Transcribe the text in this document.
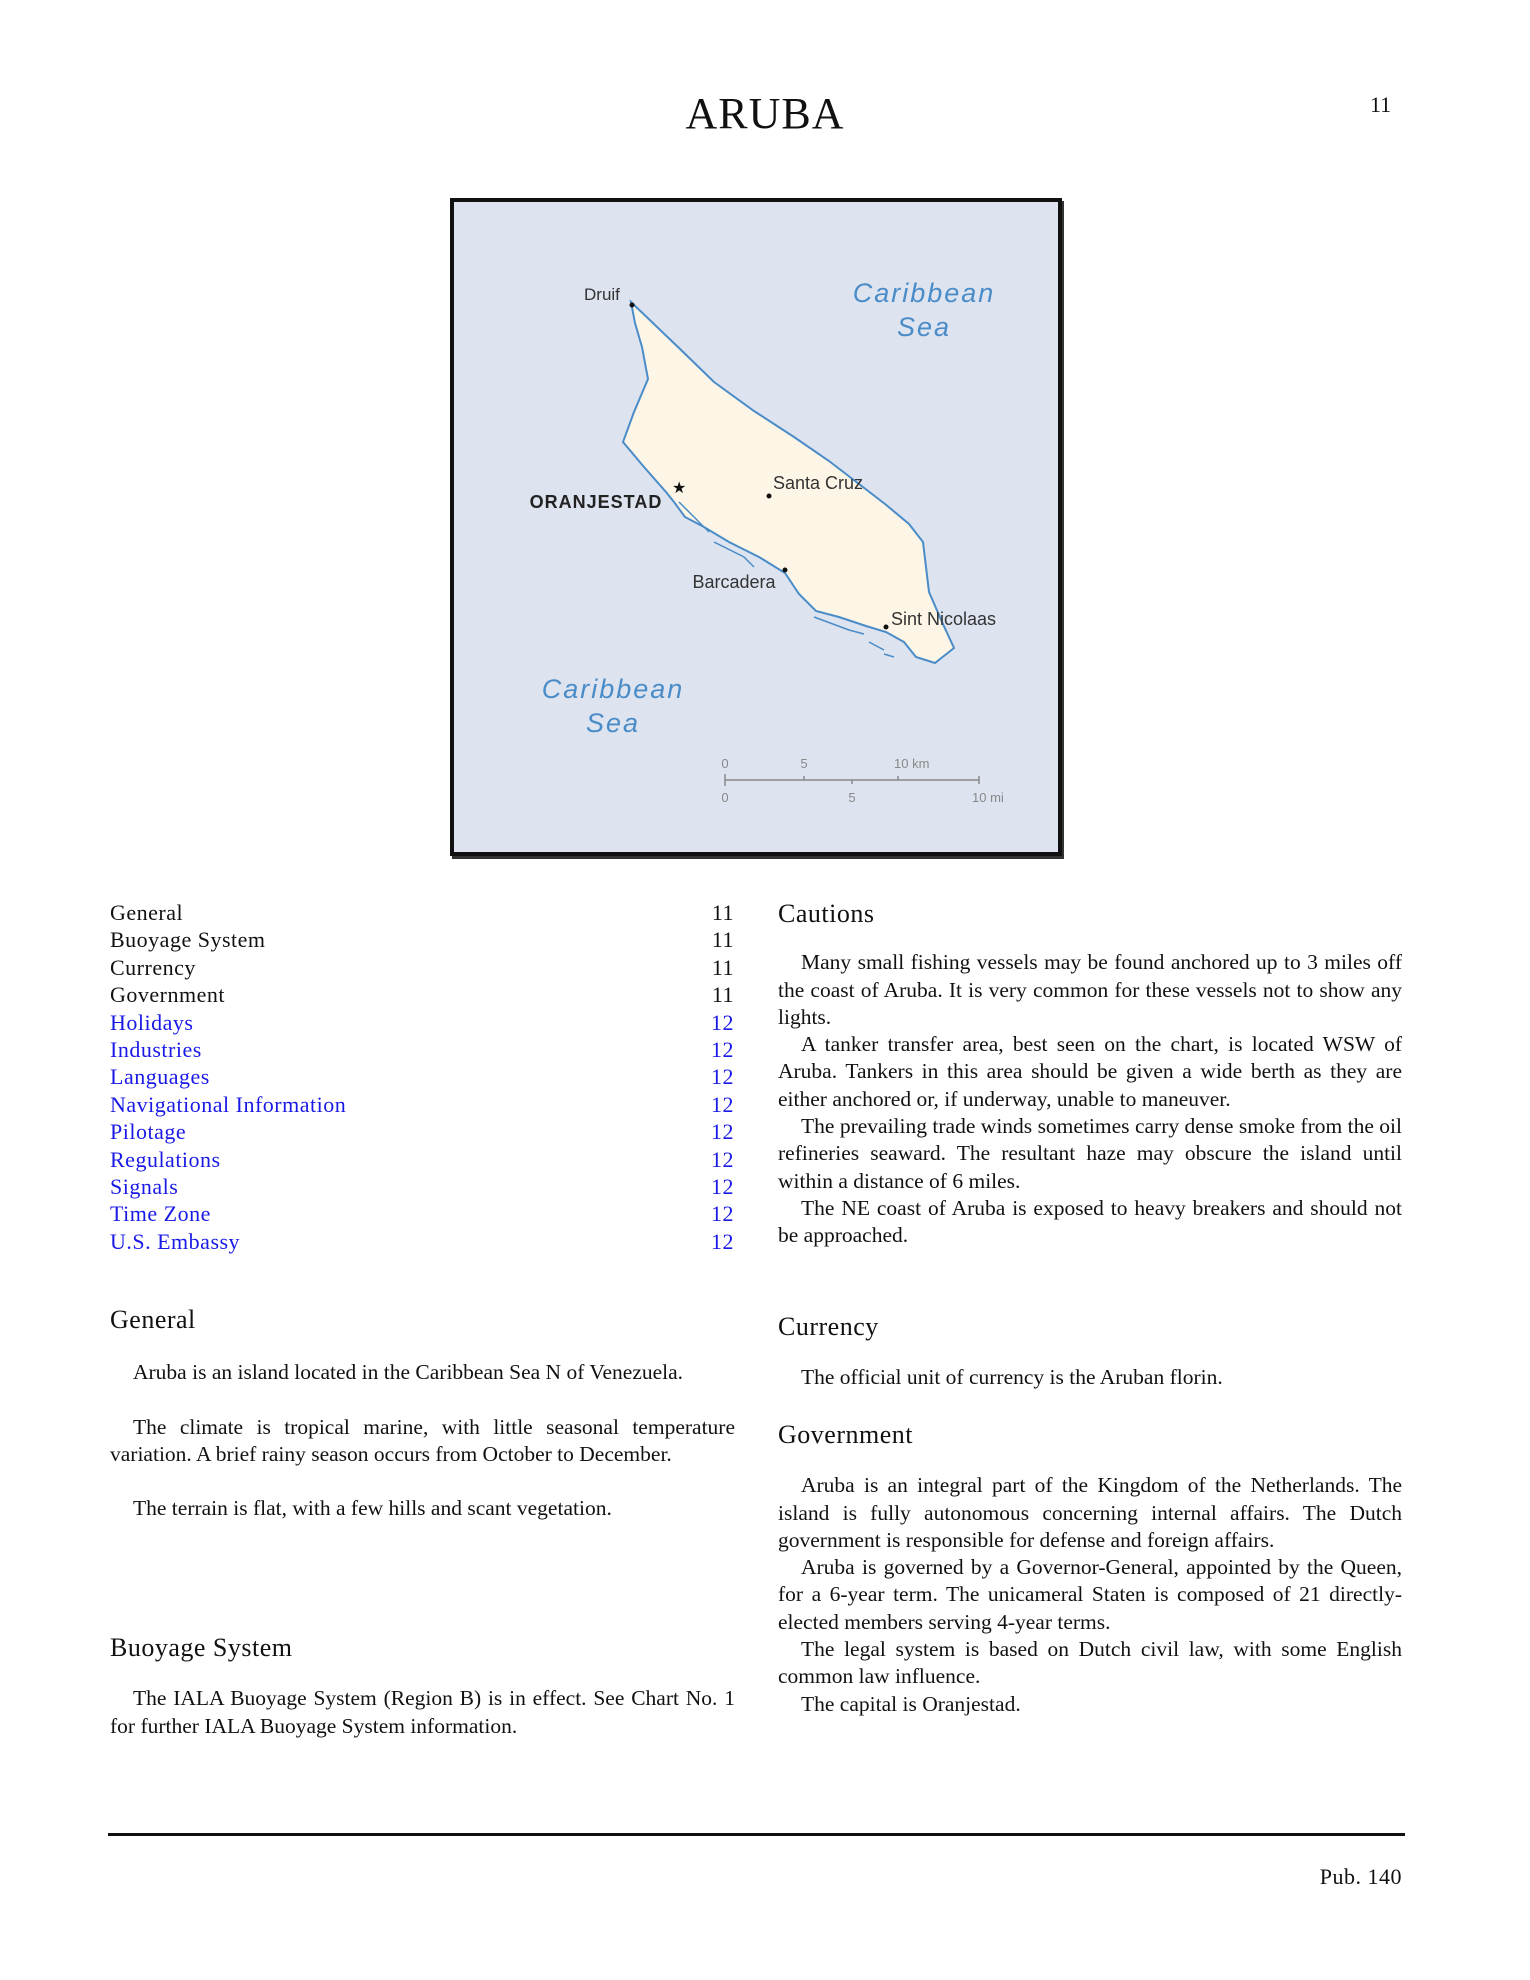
ARUBA	11
Druif	Caribbean
Sea
ORANJESTAD
★	Santa Cruz
Barcadera
Sint Nicolaas
Caribbean
Sea
0	5	10 km
0	5	10 mi
General	11
Buoyage System	11
Currency	11
Government	11
Holidays	12
Industries	12
Languages	12
Navigational Information	12
Pilotage	12
Regulations	12
Signals	12
Time Zone	12
U.S. Embassy	12
General

Aruba is an island located in the Caribbean Sea N of Venezuela.

The climate is tropical marine, with little seasonal temperature variation. A brief rainy season occurs from October to December.

The terrain is flat, with a few hills and scant vegetation.

Buoyage System

The IALA Buoyage System (Region B) is in effect. See Chart No. 1 for further IALA Buoyage System information.

Cautions

Many small fishing vessels may be found anchored up to 3 miles off the coast of Aruba. It is very common for these vessels not to show any lights.

A tanker transfer area, best seen on the chart, is located WSW of Aruba. Tankers in this area should be given a wide berth as they are either anchored or, if underway, unable to maneuver.

The prevailing trade winds sometimes carry dense smoke from the oil refineries seaward. The resultant haze may obscure the island until within a distance of 6 miles.

The NE coast of Aruba is exposed to heavy breakers and should not be approached.

Currency

The official unit of currency is the Aruban florin.

Government

Aruba is an integral part of the Kingdom of the Netherlands. The island is fully autonomous concerning internal affairs. The Dutch government is responsible for defense and foreign affairs.

Aruba is governed by a Governor-General, appointed by the Queen, for a 6-year term. The unicameral Staten is composed of 21 directly-elected members serving 4-year terms.

The legal system is based on Dutch civil law, with some English common law influence.

The capital is Oranjestad.

Pub. 140
